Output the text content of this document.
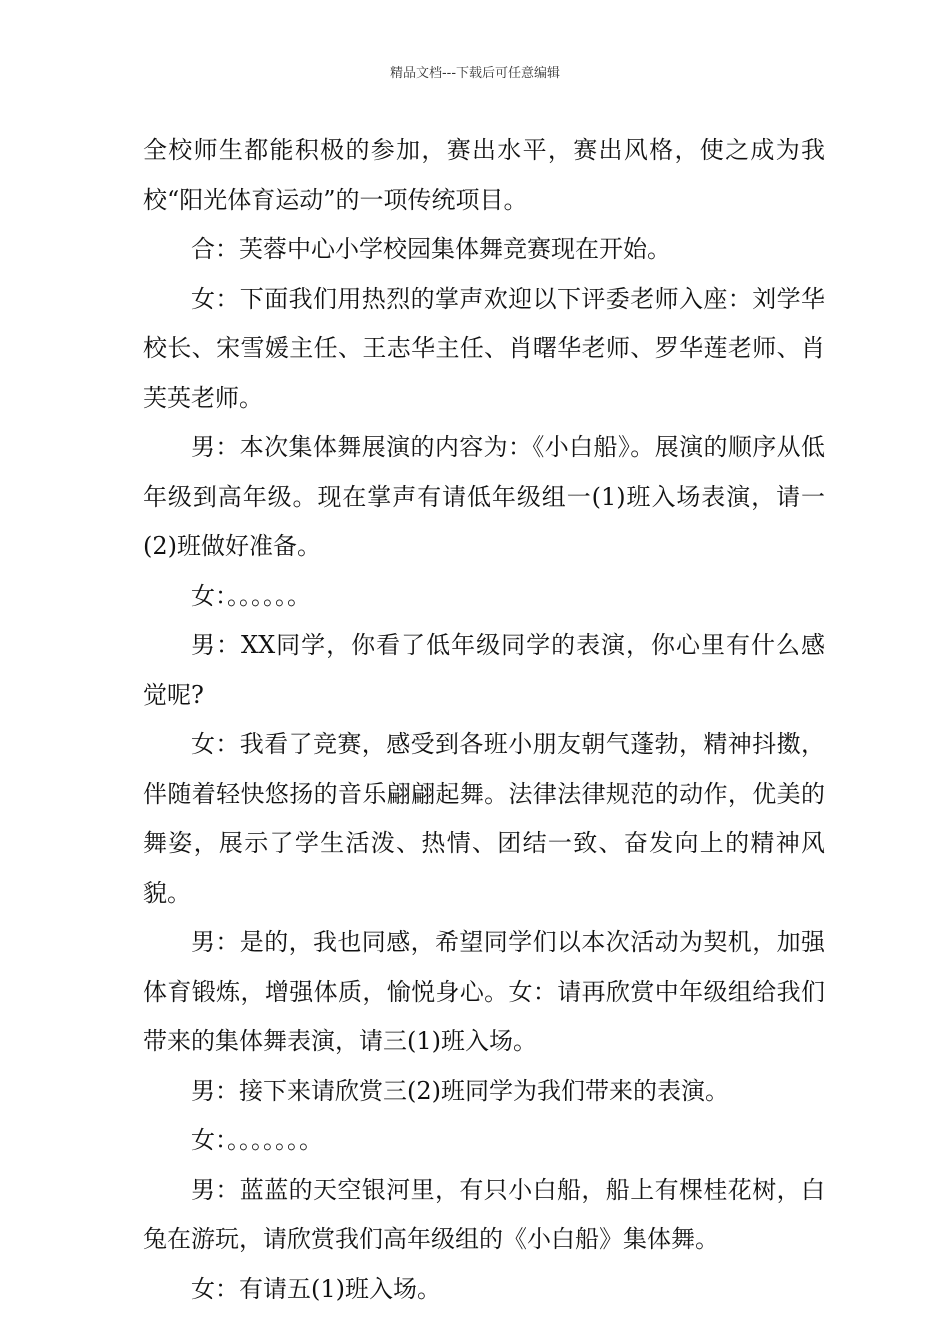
精品文档---下载后可任意编辑

全校师生都能积极的参加，赛出水平，赛出风格，使之成为我校“阳光体育运动”的一项传统项目。

合：芙蓉中心小学校园集体舞竞赛现在开始。

女：下面我们用热烈的掌声欢迎以下评委老师入座：刘学华校长、宋雪媛主任、王志华主任、肖曙华老师、罗华莲老师、肖芙英老师。

男：本次集体舞展演的内容为：《小白船》。展演的顺序从低年级到高年级。现在掌声有请低年级组一(1)班入场表演，请一(2)班做好准备。

女：。。。。。。

男：XX同学，你看了低年级同学的表演，你心里有什么感觉呢?

女：我看了竞赛，感受到各班小朋友朝气蓬勃，精神抖擞，伴随着轻快悠扬的音乐翩翩起舞。法律法律规范的动作，优美的舞姿，展示了学生活泼、热情、团结一致、奋发向上的精神风貌。

男：是的，我也同感，希望同学们以本次活动为契机，加强体育锻炼，增强体质，愉悦身心。女：请再欣赏中年级组给我们带来的集体舞表演，请三(1)班入场。

男：接下来请欣赏三(2)班同学为我们带来的表演。

女：。。。。。。。

男：蓝蓝的天空银河里，有只小白船，船上有棵桂花树，白兔在游玩，请欣赏我们高年级组的《小白船》集体舞。

女：有请五(1)班入场。
